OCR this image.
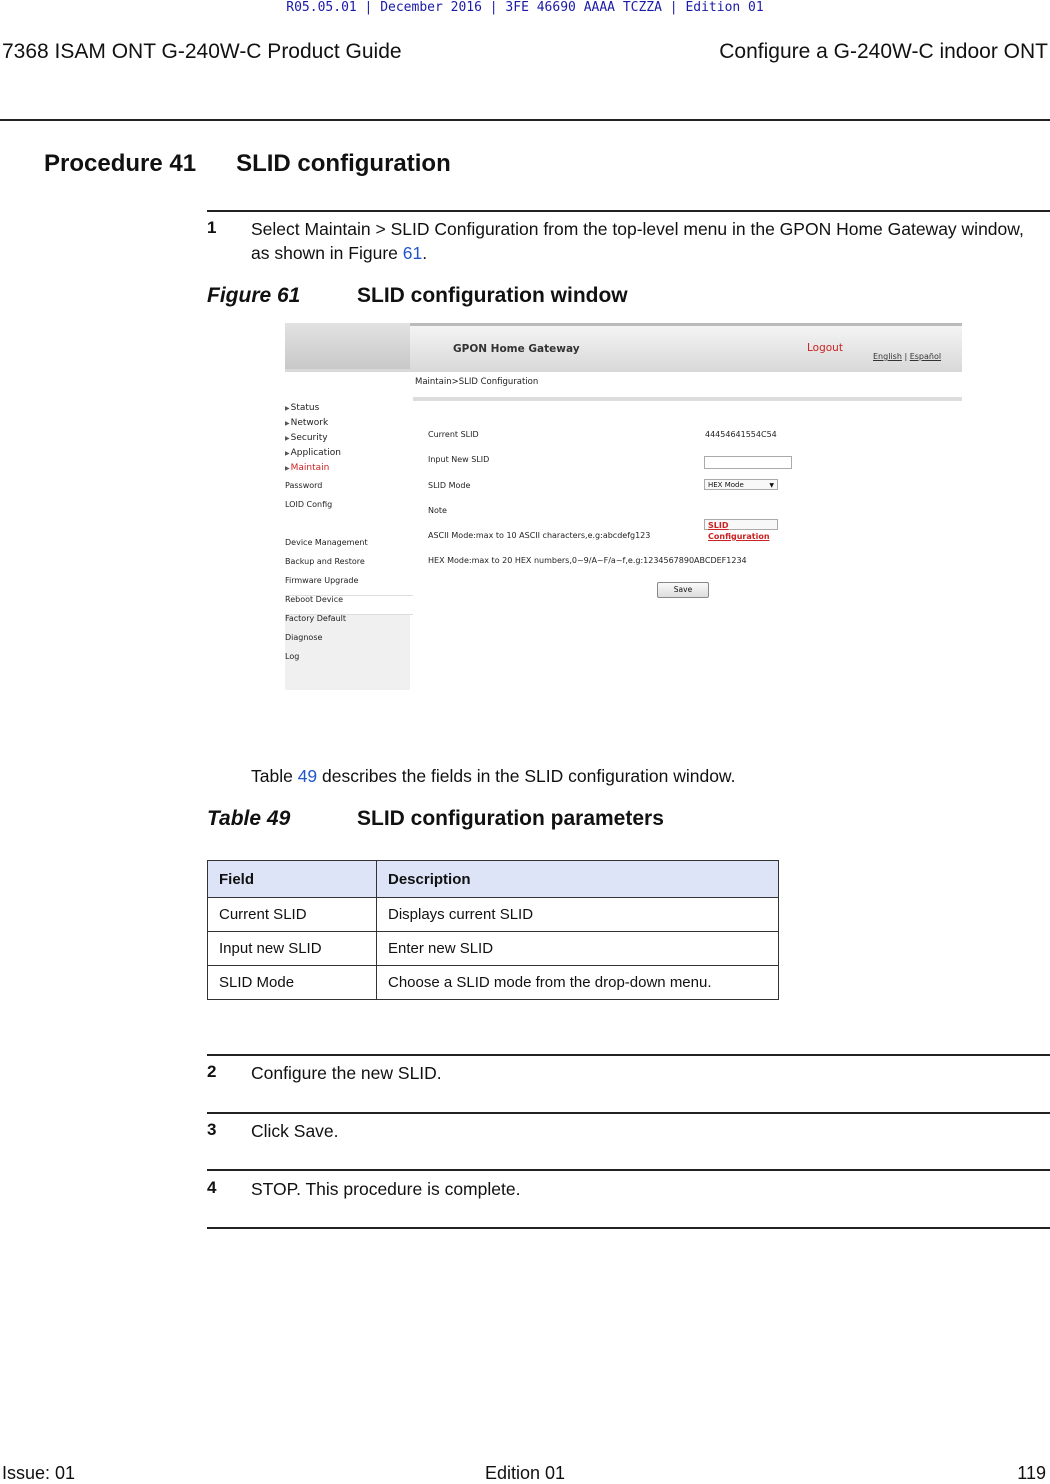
R05.05.01 | December 2016 | 3FE 46690 AAAA TCZZA | Edition 01
7368 ISAM ONT G-240W-C Product Guide	Configure a G-240W-C indoor ONT
Procedure 41 SLID configuration
1 Select Maintain > SLID Configuration from the top-level menu in the GPON Home Gateway window, as shown in Figure 61.
Figure 61	SLID configuration window
GPON Home Gateway	Logout
English | Español
Maintain>SLID Configuration
▶ Status
▶ Network
▶ Security
▶ Application
▶ Maintain
Password
LOID Config
SLID Configuration
Device Management
Backup and Restore
Firmware Upgrade
Reboot Device
Factory Default
Diagnose
Log
Current SLID	44454641554C54
Input New SLID
SLID Mode	HEX Mode	▼
Note
ASCII Mode:max to 10 ASCII characters,e.g:abcdefg123
HEX Mode:max to 20 HEX numbers,0~9/A~F/a~f,e.g:1234567890ABCDEF1234
Save
Table 49 describes the fields in the SLID configuration window.
Table 49	SLID configuration parameters
Field	Description
Current SLID	Displays current SLID
Input new SLID	Enter new SLID
SLID Mode	Choose a SLID mode from the drop-down menu.
2 Configure the new SLID.
3 Click Save.
4 STOP. This procedure is complete.
Issue: 01	Edition 01	119
